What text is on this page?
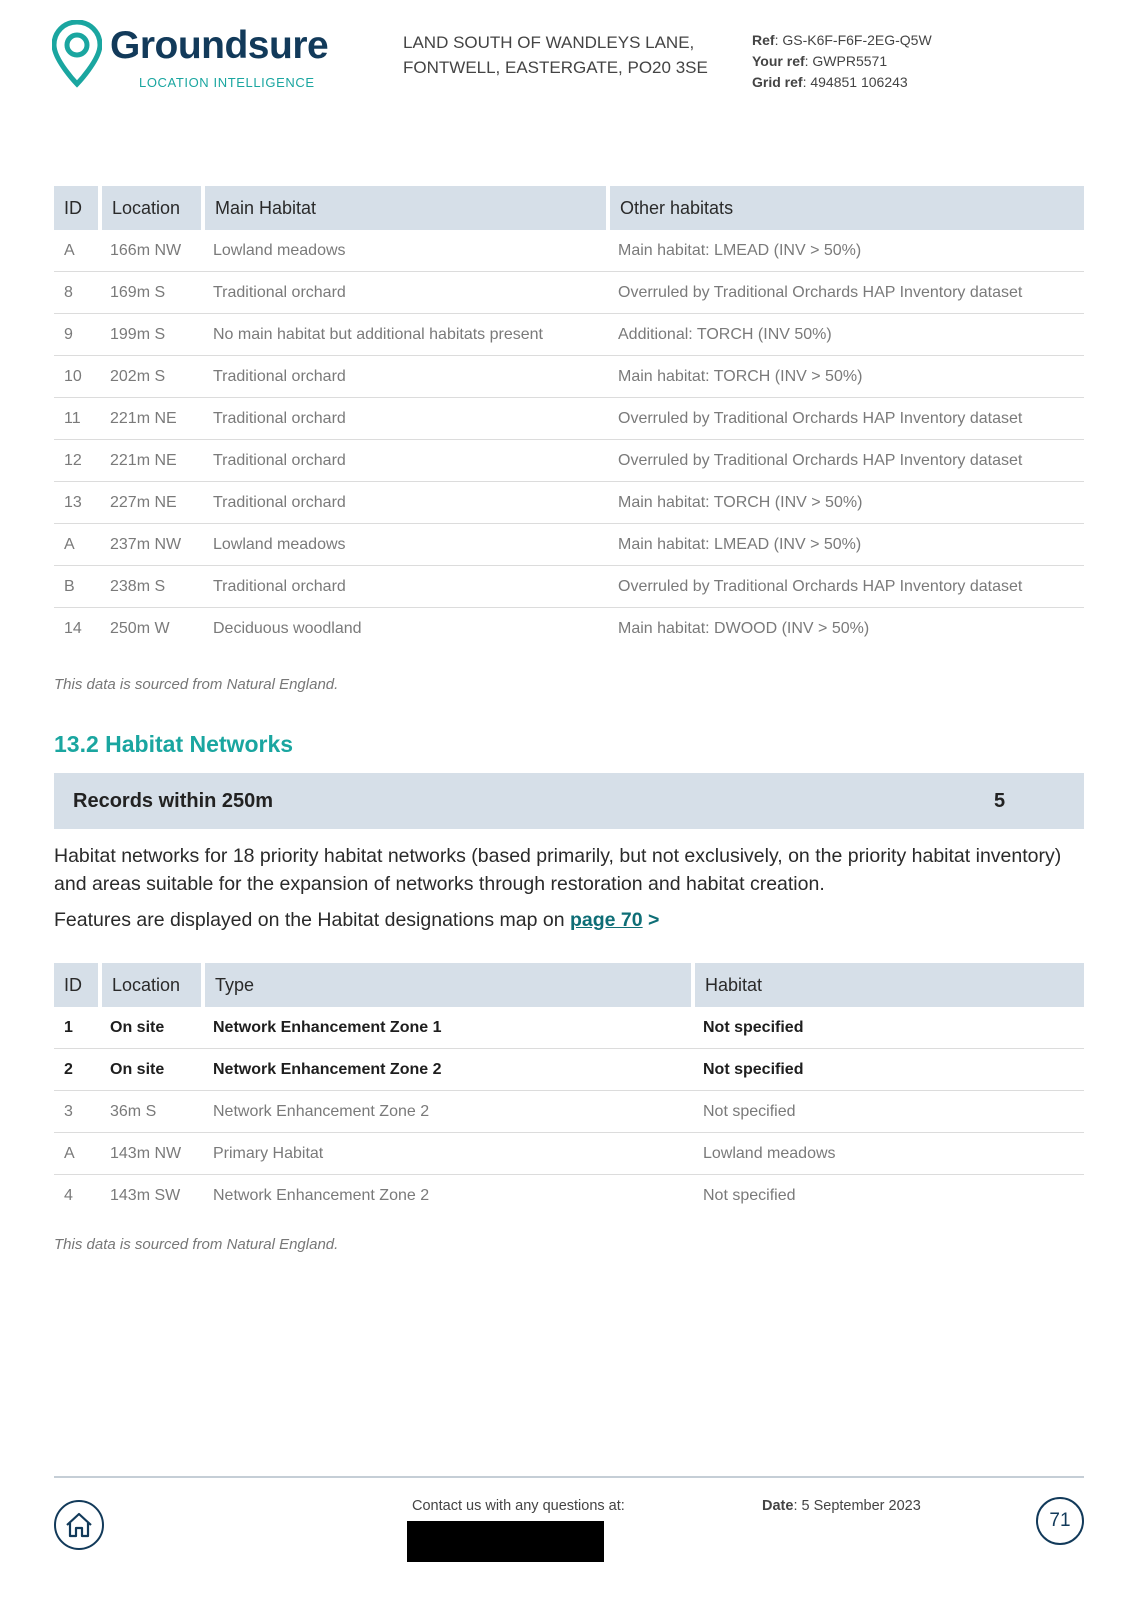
Groundsure
LOCATION INTELLIGENCE
LAND SOUTH OF WANDLEYS LANE,
FONTWELL, EASTERGATE, PO20 3SE
Ref: GS-K6F-F6F-2EG-Q5W
Your ref: GWPR5571
Grid ref: 494851 106243
ID	Location	Main Habitat	Other habitats
A	166m NW	Lowland meadows	Main habitat: LMEAD (INV > 50%)
8	169m S	Traditional orchard	Overruled by Traditional Orchards HAP Inventory dataset
9	199m S	No main habitat but additional habitats present	Additional: TORCH (INV 50%)
10	202m S	Traditional orchard	Main habitat: TORCH (INV > 50%)
11	221m NE	Traditional orchard	Overruled by Traditional Orchards HAP Inventory dataset
12	221m NE	Traditional orchard	Overruled by Traditional Orchards HAP Inventory dataset
13	227m NE	Traditional orchard	Main habitat: TORCH (INV > 50%)
A	237m NW	Lowland meadows	Main habitat: LMEAD (INV > 50%)
B	238m S	Traditional orchard	Overruled by Traditional Orchards HAP Inventory dataset
14	250m W	Deciduous woodland	Main habitat: DWOOD (INV > 50%)
This data is sourced from Natural England.
13.2 Habitat Networks
Records within 250m	5
Habitat networks for 18 priority habitat networks (based primarily, but not exclusively, on the priority habitat inventory) and areas suitable for the expansion of networks through restoration and habitat creation.
Features are displayed on the Habitat designations map on page 70 >
ID	Location	Type	Habitat
1	On site	Network Enhancement Zone 1	Not specified
2	On site	Network Enhancement Zone 2	Not specified
3	36m S	Network Enhancement Zone 2	Not specified
A	143m NW	Primary Habitat	Lowland meadows
4	143m SW	Network Enhancement Zone 2	Not specified
This data is sourced from Natural England.
Contact us with any questions at:	Date: 5 September 2023
71
